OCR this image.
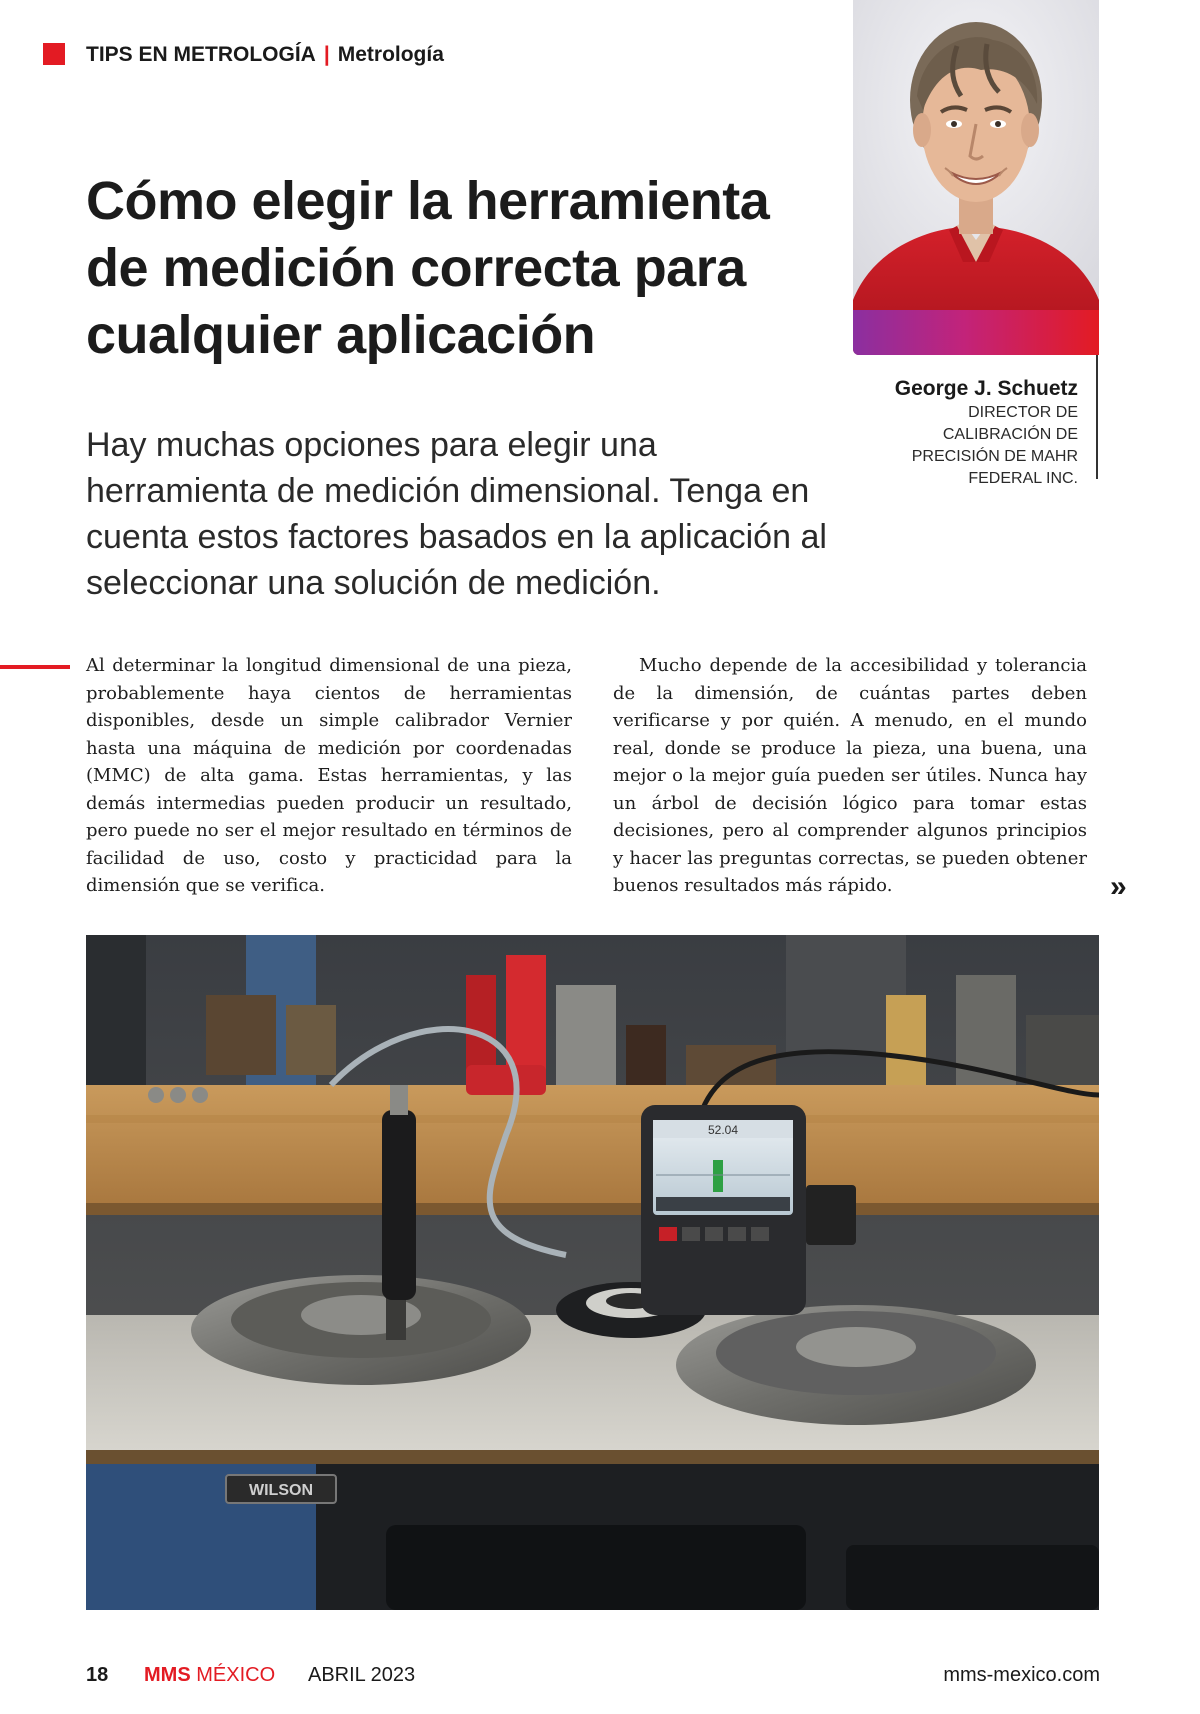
TIPS EN METROLOGÍA | Metrología
Cómo elegir la herramienta de medición correcta para cualquier aplicación
Hay muchas opciones para elegir una herramienta de medición dimensional. Tenga en cuenta estos factores basados en la aplicación al seleccionar una solución de medición.
George J. Schuetz
DIRECTOR DE
CALIBRACIÓN DE
PRECISIÓN DE MAHR
FEDERAL INC.

Al determinar la longitud dimensional de una pieza, probablemente haya cientos de herramientas disponibles, desde un simple calibrador Vernier hasta una máquina de medición por coordenadas (MMC) de alta gama. Estas herramientas, y las demás intermedias pueden producir un resultado, pero puede no ser el mejor resultado en términos de facilidad de uso, costo y practicidad para la dimensión que se verifica.

Mucho depende de la accesibilidad y tolerancia de la dimensión, de cuántas partes deben verificarse y por quién. A menudo, en el mundo real, donde se produce la pieza, una buena, una mejor o la mejor guía pueden ser útiles. Nunca hay un árbol de decisión lógico para tomar estas decisiones, pero al comprender algunos principios y hacer las preguntas correctas, se pueden obtener buenos resultados más rápido.	»
WILSON
52.04
18 MMS MÉXICO ABRIL 2023	mms-mexico.com
